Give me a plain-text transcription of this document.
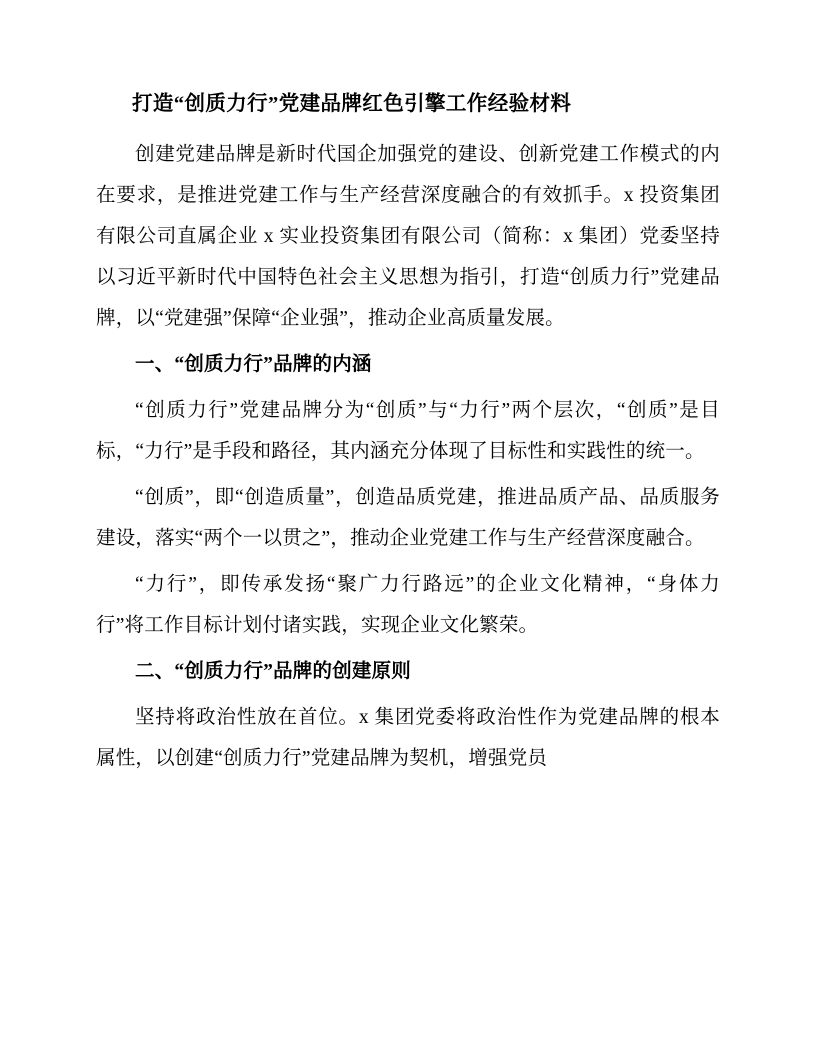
打造“创质力行”党建品牌红色引擎工作经验材料

创建党建品牌是新时代国企加强党的建设、创新党建工作模式的内在要求，是推进党建工作与生产经营深度融合的有效抓手。x 投资集团有限公司直属企业 x 实业投资集团有限公司（简称：x 集团）党委坚持以习近平新时代中国特色社会主义思想为指引，打造“创质力行”党建品牌，以“党建强”保障“企业强”，推动企业高质量发展。

一、“创质力行”品牌的内涵

“创质力行”党建品牌分为“创质”与“力行”两个层次，“创质”是目标，“力行”是手段和路径，其内涵充分体现了目标性和实践性的统一。

“创质”，即“创造质量”，创造品质党建，推进品质产品、品质服务建设，落实“两个一以贯之”，推动企业党建工作与生产经营深度融合。

“力行”，即传承发扬“聚广力行路远”的企业文化精神，“身体力行”将工作目标计划付诸实践，实现企业文化繁荣。

二、“创质力行”品牌的创建原则

坚持将政治性放在首位。x 集团党委将政治性作为党建品牌的根本属性，以创建“创质力行”党建品牌为契机，增强党员
